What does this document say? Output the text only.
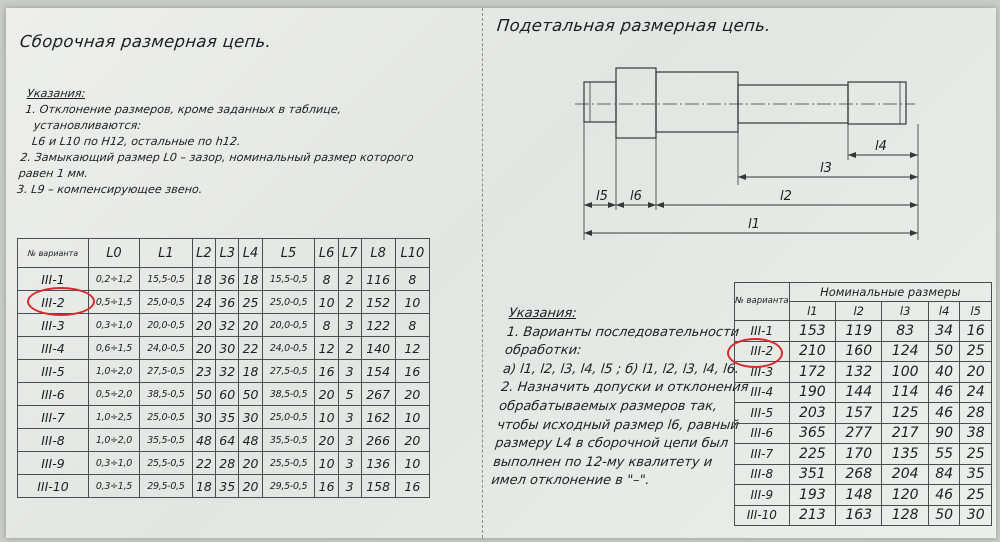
Сборочная размерная цепь.

Указания:

1. Отклонение размеров, кроме заданных в таблице,

установливаются:

L6 и L10 по H12, остальные по h12.

2. Замыкающий размер L0 – зазор, номинальный размер которого

равен 1 мм.

3. L9 – компенсирующее звено.

№ варианта	L0	L1	L2	L3	L4	L5	L6	L7	L8	L10
III-1	0,2÷1,2	15,5-0,5	18	36	18	15,5-0,5	8	2	116	8
III-2	0,5÷1,5	25,0-0,5	24	36	25	25,0-0,5	10	2	152	10
III-3	0,3÷1,0	20,0-0,5	20	32	20	20,0-0,5	8	3	122	8
III-4	0,6÷1,5	24,0-0,5	20	30	22	24,0-0,5	12	2	140	12
III-5	1,0÷2,0	27,5-0,5	23	32	18	27,5-0,5	16	3	154	16
III-6	0,5÷2,0	38,5-0,5	50	60	50	38,5-0,5	20	5	267	20
III-7	1,0÷2,5	25,0-0,5	30	35	30	25,0-0,5	10	3	162	10
III-8	1,0÷2,0	35,5-0,5	48	64	48	35,5-0,5	20	3	266	20
III-9	0,3÷1,0	25,5-0,5	22	28	20	25,5-0,5	10	3	136	10
III-10	0,3÷1,5	29,5-0,5	18	35	20	29,5-0,5	16	3	158	16
Подетальная размерная цепь.
l1
l2
l3
l4
l5 l6

Указания:

1. Варианты последовательности

обработки:

а) l1, l2, l3, l4, l5 ; б) l1, l2, l3, l4, l6.

2. Назначить допуски и отклонения

обрабатываемых размеров так,

чтобы исходный размер l6, равный

размеру L4 в сборочной цепи был

выполнен по 12-му квалитету и

имел отклонение в "–".

№ варианта	Номинальные размеры				
	l1	l2	l3	l4	l5
III-1	153	119	83	34	16
III-2	210	160	124	50	25
III-3	172	132	100	40	20
III-4	190	144	114	46	24
III-5	203	157	125	46	28
III-6	365	277	217	90	38
III-7	225	170	135	55	25
III-8	351	268	204	84	35
III-9	193	148	120	46	25
III-10	213	163	128	50	30
